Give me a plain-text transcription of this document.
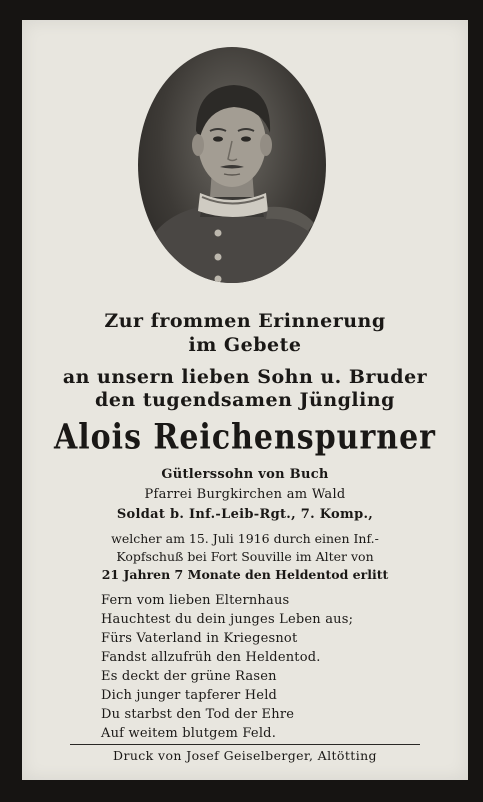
Zur frommen Erinnerung
im Gebete
an unsern lieben Sohn u. Bruder
den tugendsamen Jüngling
Alois Reichenspurner
Gütlerssohn von Buch
Pfarrei Burgkirchen am Wald
Soldat b. Inf.-Leib-Rgt., 7. Komp.,
welcher am 15. Juli 1916 durch einen Inf.-
Kopfschuß bei Fort Souville im Alter von
21 Jahren 7 Monate den Heldentod erlitt
Fern vom lieben Elternhaus
Hauchtest du dein junges Leben aus;
Fürs Vaterland in Kriegesnot
Fandst allzufrüh den Heldentod.
Es deckt der grüne Rasen
Dich junger tapferer Held
Du starbst den Tod der Ehre
Auf weitem blutgem Feld.
Druck von Josef Geiselberger, Altötting
